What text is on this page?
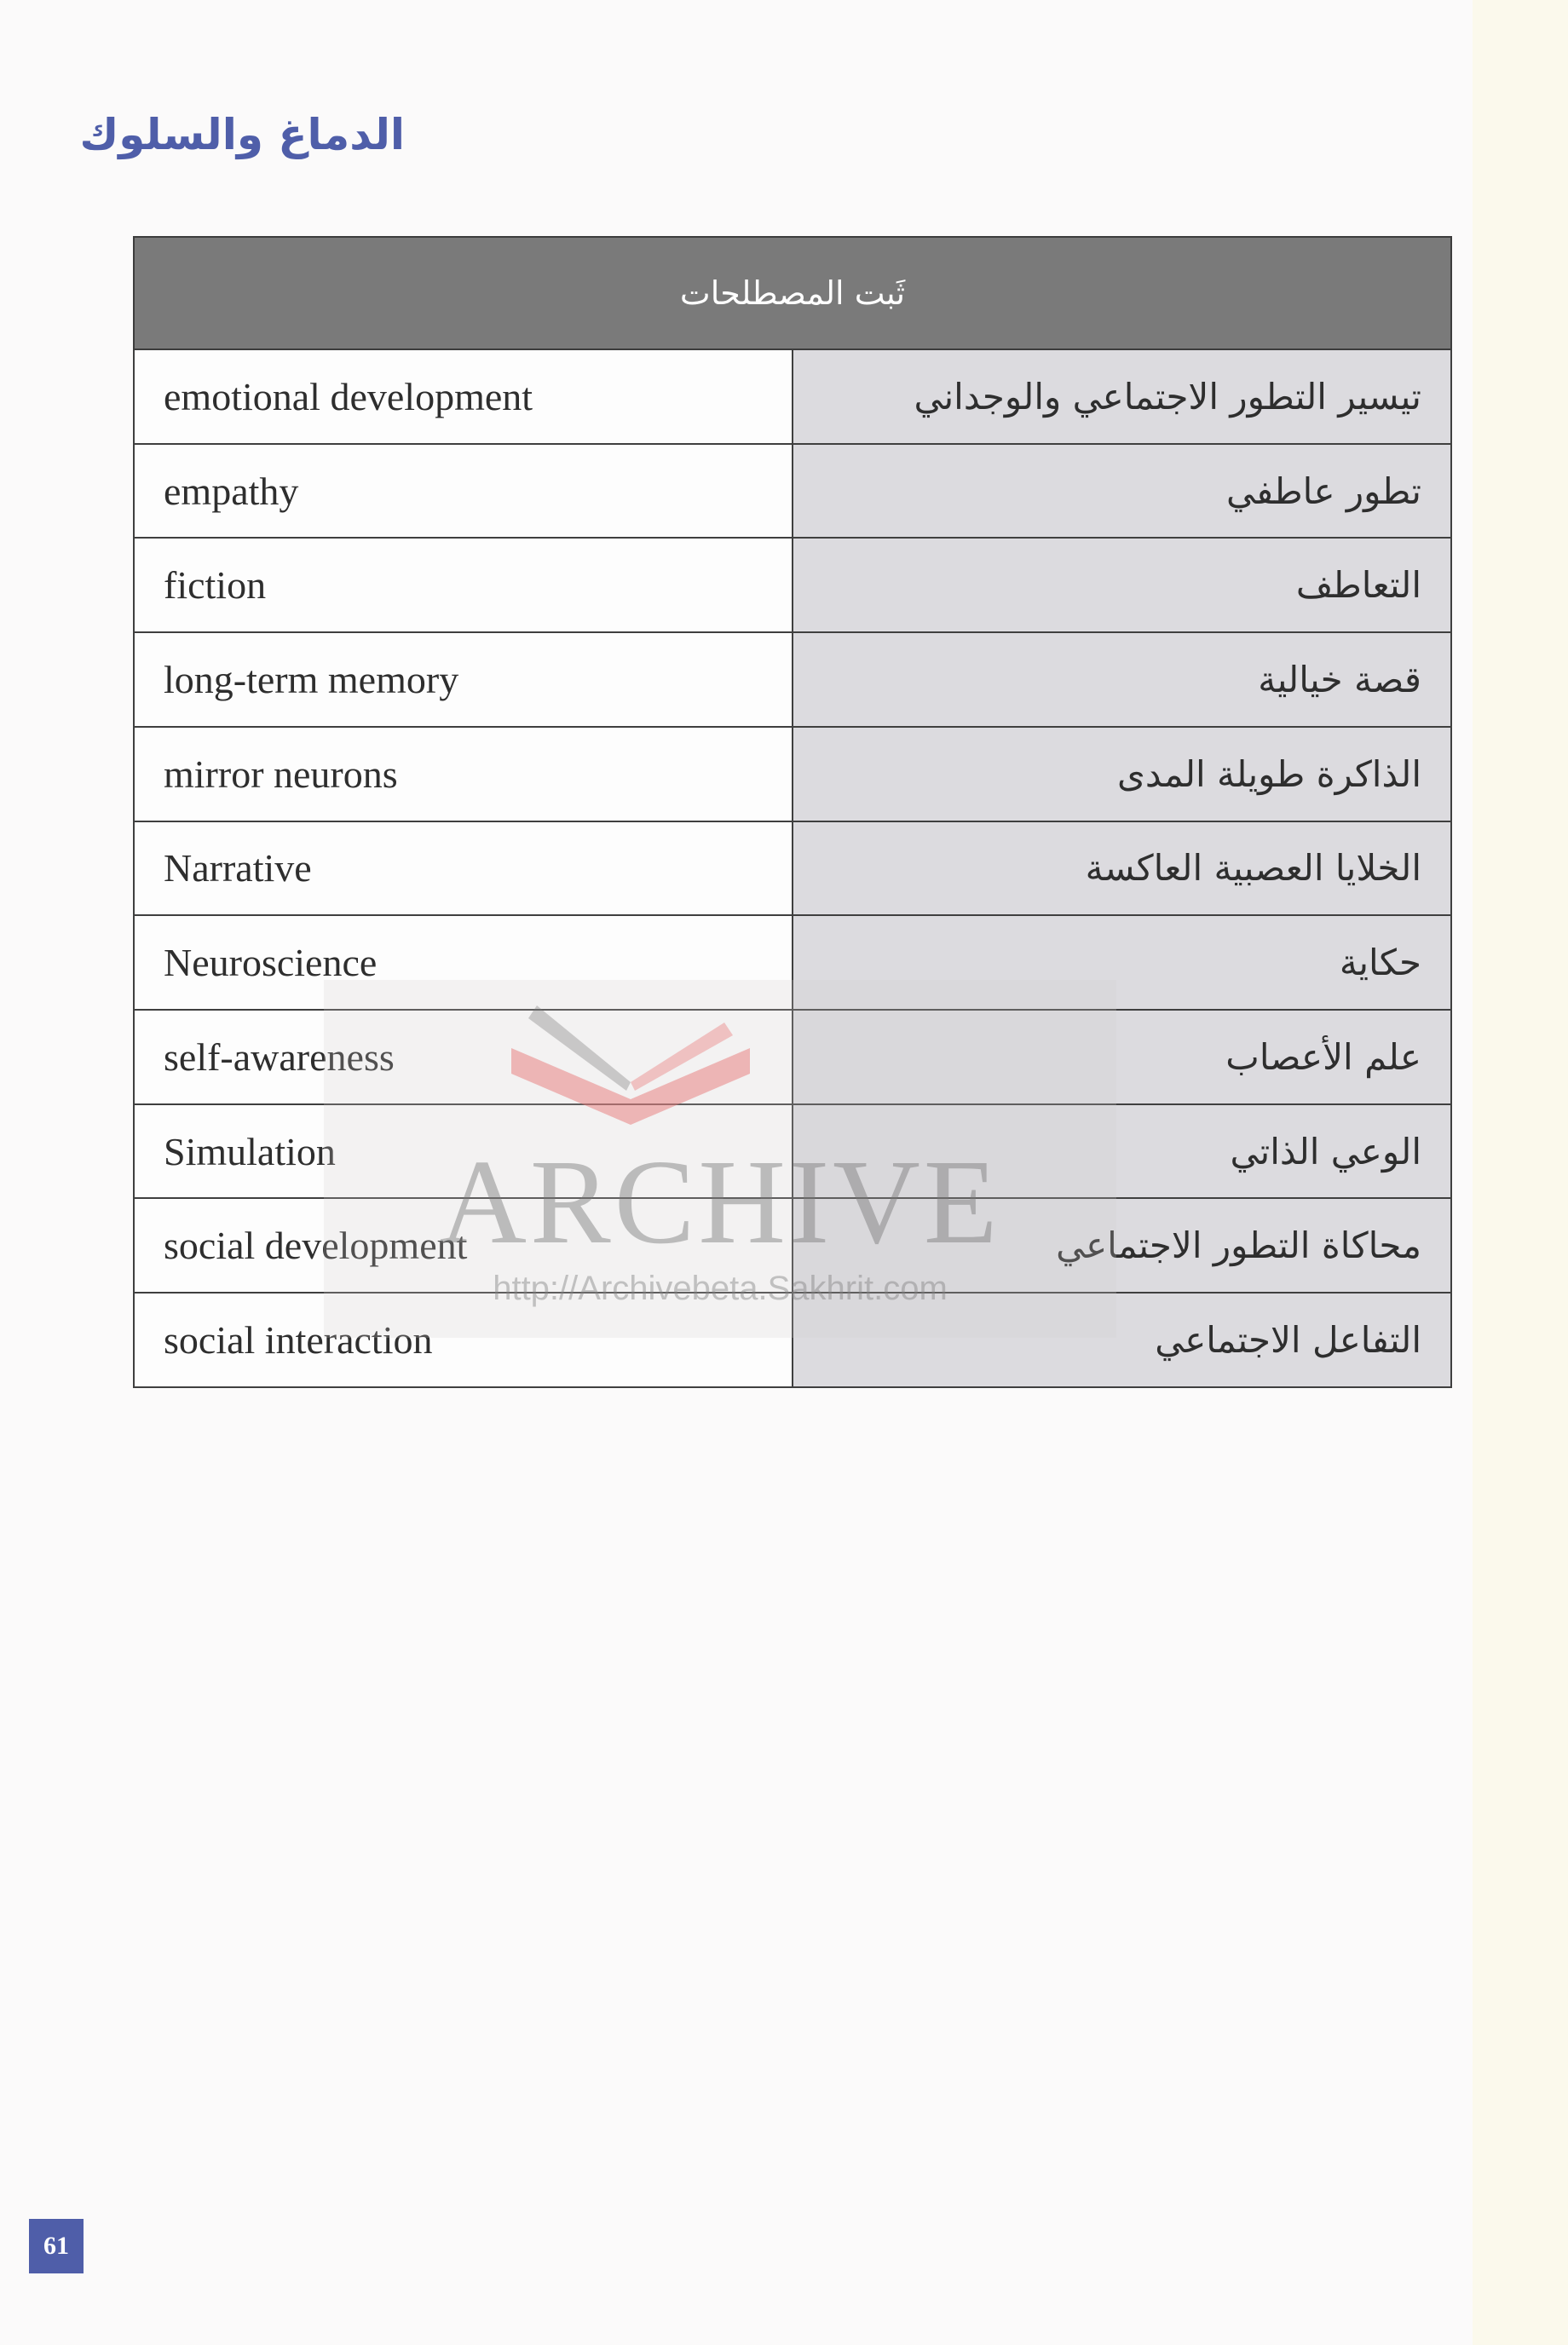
الدماغ والسلوك
ثَبت المصطلحات	
emotional development	تيسير التطور الاجتماعي والوجداني
empathy	تطور عاطفي
fiction	التعاطف
long-term memory	قصة خيالية
mirror neurons	الذاكرة طويلة المدى
Narrative	الخلايا العصبية العاكسة
Neuroscience	حكاية
self-awareness	علم الأعصاب
Simulation	الوعي الذاتي
social development	محاكاة التطور الاجتماعي
social interaction	التفاعل الاجتماعي
ARCHIVE
http://Archivebeta.Sakhrit.com
61
